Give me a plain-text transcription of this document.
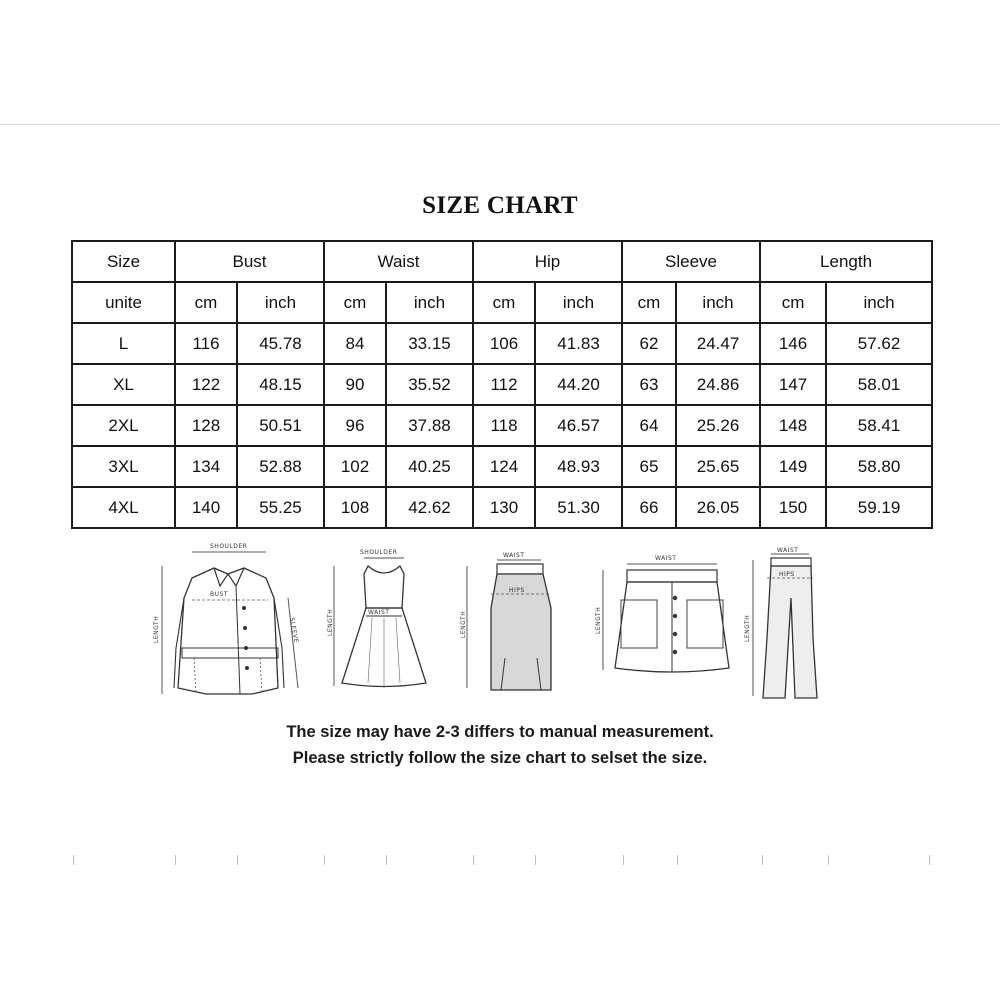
SIZE CHART
Size	Bust		Waist		Hip		Sleeve		Length	
unite	cm	inch	cm	inch	cm	inch	cm	inch	cm	inch
L	116	45.78	84	33.15	106	41.83	62	24.47	146	57.62
XL	122	48.15	90	35.52	112	44.20	63	24.86	147	58.01
2XL	128	50.51	96	37.88	118	46.57	64	25.26	148	58.41
3XL	134	52.88	102	40.25	124	48.93	65	25.65	149	58.80
4XL	140	55.25	108	42.62	130	51.30	66	26.05	150	59.19
SHOULDER
BUST
LENGTH	SLEEVE
SHOULDER
WAIST
LENGTH
WAIST
HIPS
LENGTH
WAIST
LENGTH
WAIST
HIPS
LENGTH
The size may have 2-3 differs to manual measurement.
Please strictly follow the size chart to selset the size.
